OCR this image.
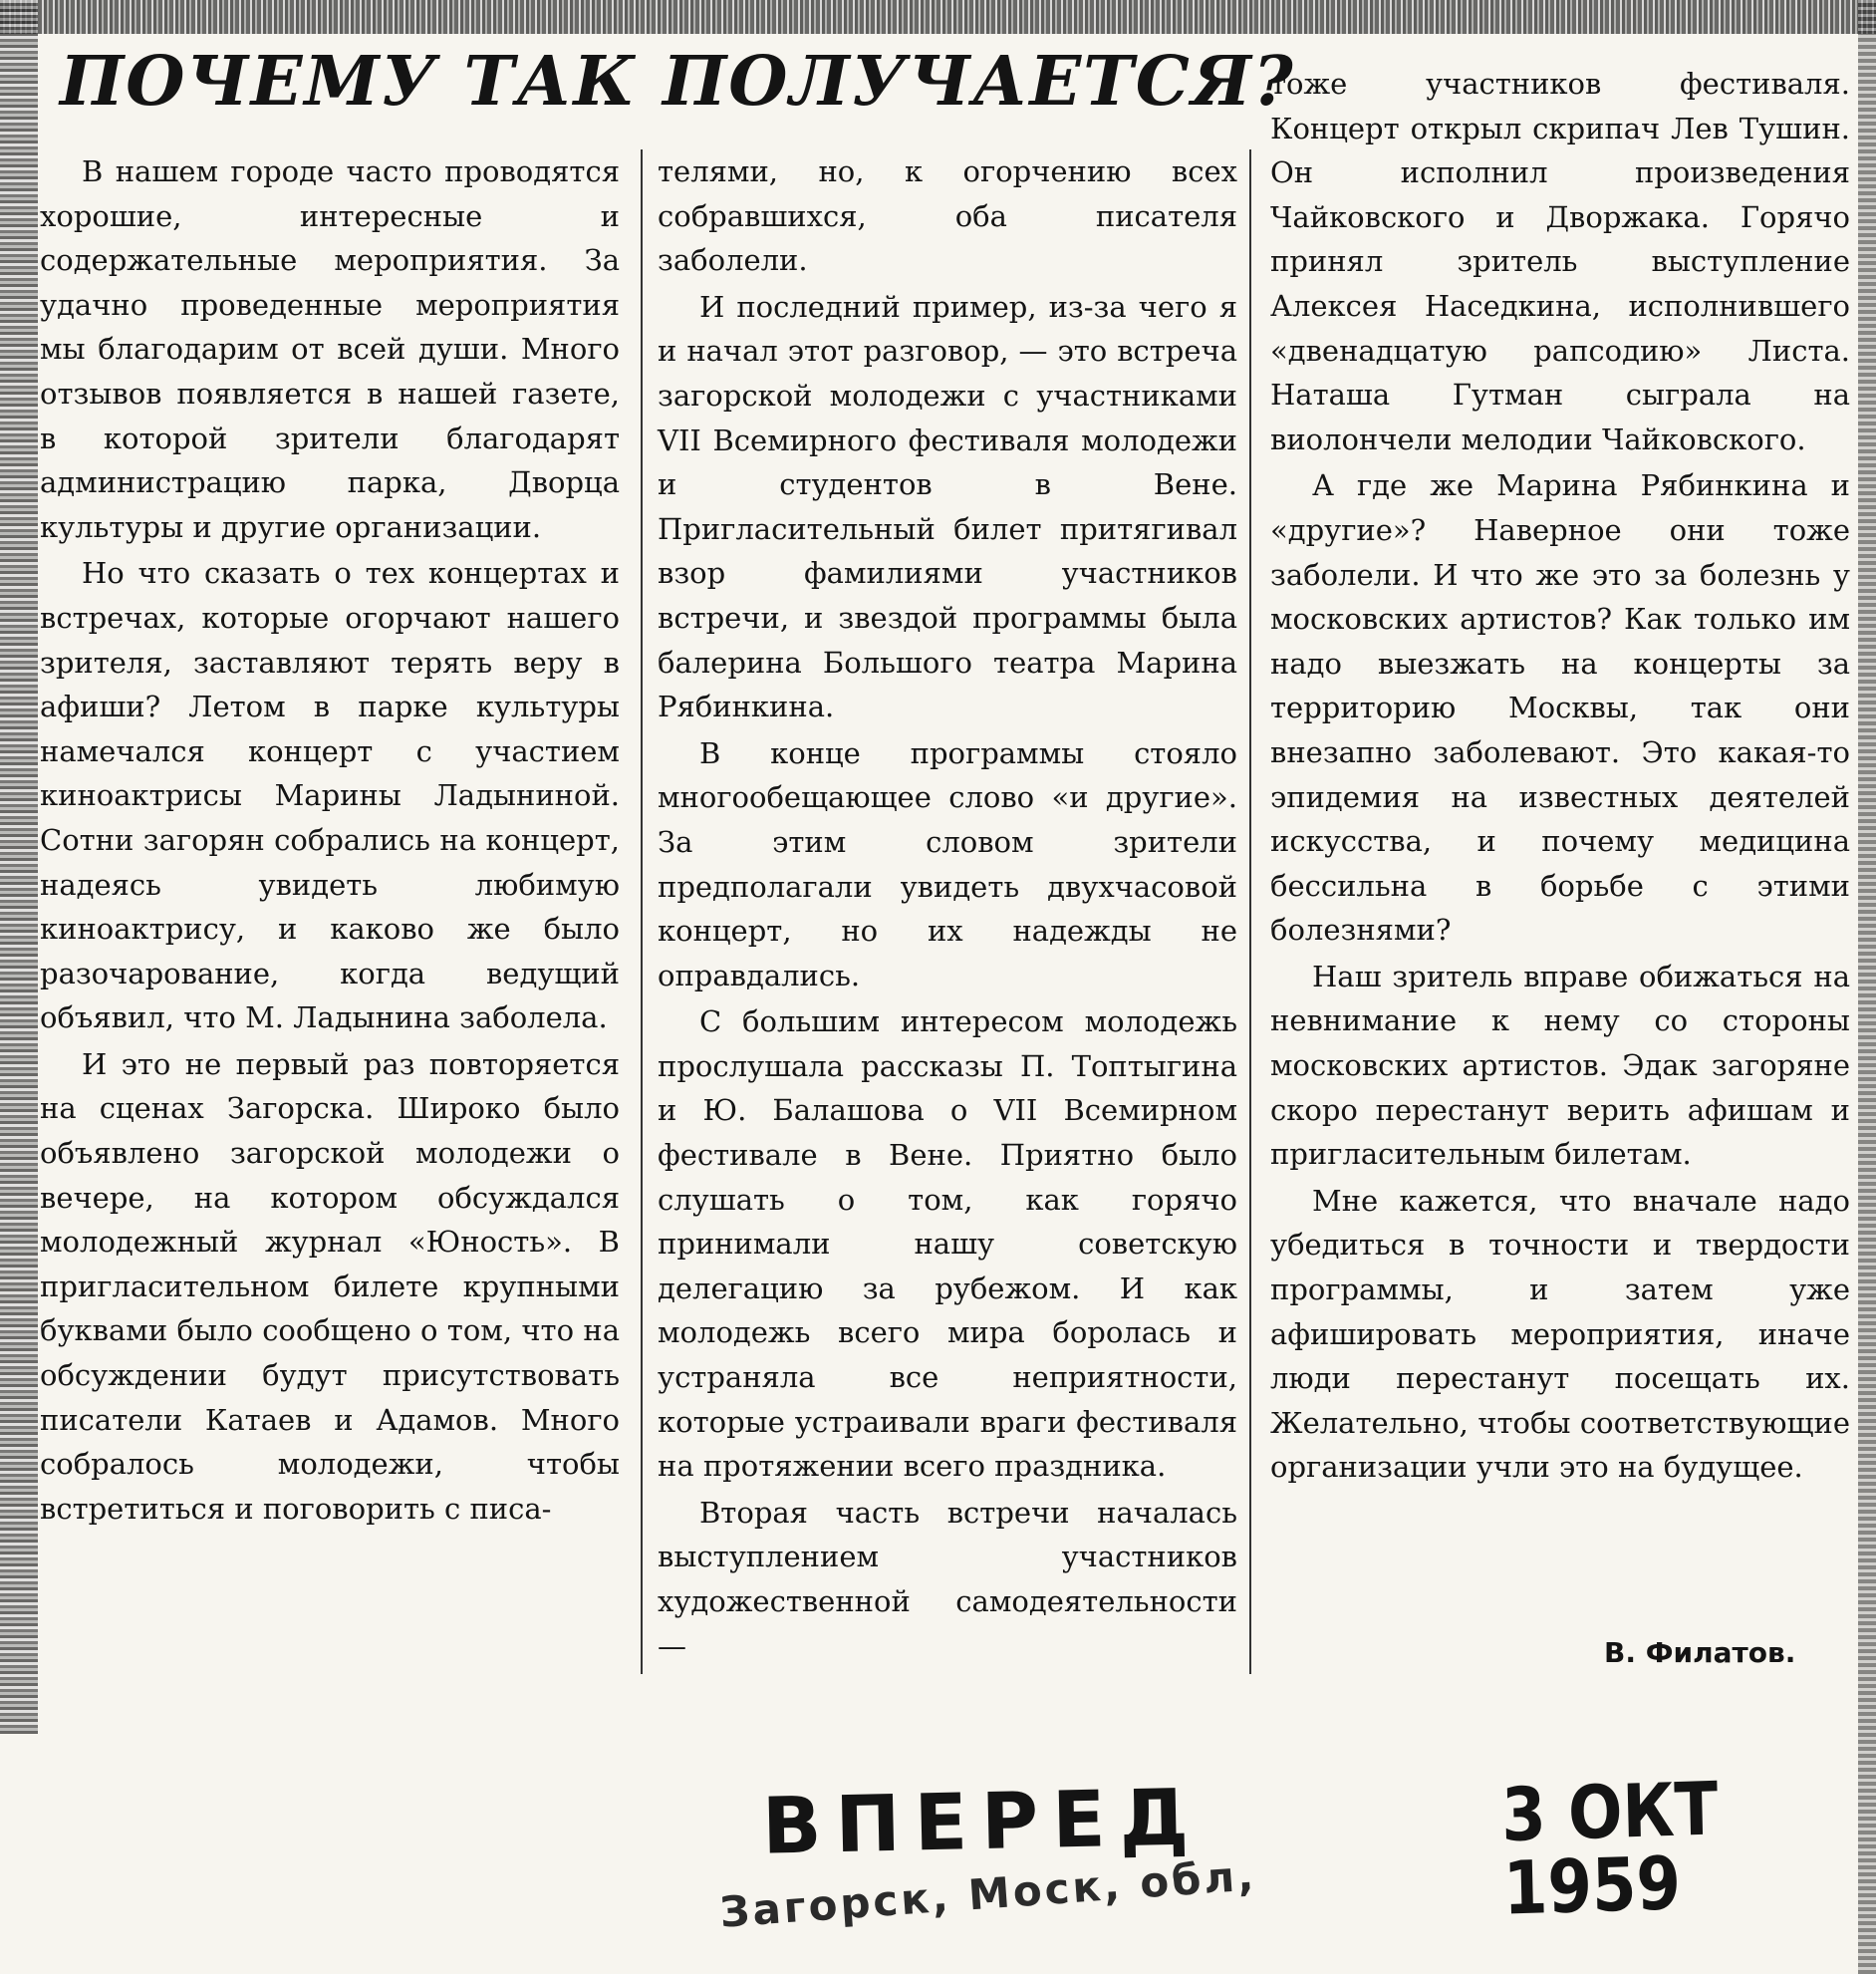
ПОЧЕМУ ТАК ПОЛУЧАЕТСЯ?

В нашем городе часто проводятся хорошие, интересные и содержательные мероприятия. За удачно проведенные мероприятия мы благодарим от всей души. Много отзывов появляется в нашей газете, в которой зрители благодарят администрацию парка, Дворца культуры и другие организации.

Но что сказать о тех концертах и встречах, которые огорчают нашего зрителя, заставляют терять веру в афиши? Летом в парке культуры намечался концерт с участием киноактрисы Марины Ладыниной. Сотни загорян собрались на концерт, надеясь увидеть любимую киноактрису, и каково же было разочарование, когда ведущий объявил, что М. Ладынина заболела.

И это не первый раз повторяется на сценах Загорска. Широко было объявлено загорской молодежи о вечере, на котором обсуждался молодежный журнал «Юность». В пригласительном билете крупными буквами было сообщено о том, что на обсуждении будут присутствовать писатели Катаев и Адамов. Много собралось молодежи, чтобы встретиться и поговорить с писа-

телями, но, к огорчению всех собравшихся, оба писателя заболели.

И последний пример, из-за чего я и начал этот разговор, — это встреча загорской молодежи с участниками VII Всемирного фестиваля молодежи и студентов в Вене. Пригласительный билет притягивал взор фамилиями участников встречи, и звездой программы была балерина Большого театра Марина Рябинкина.

В конце программы стояло многообещающее слово «и другие». За этим словом зрители предполагали увидеть двухчасовой концерт, но их надежды не оправдались.

С большим интересом молодежь прослушала рассказы П. Топтыгина и Ю. Балашова о VII Всемирном фестивале в Вене. Приятно было слушать о том, как горячо принимали нашу советскую делегацию за рубежом. И как молодежь всего мира боролась и устраняла все неприятности, которые устраивали враги фестиваля на протяжении всего праздника.

Вторая часть встречи началась выступлением участников художественной самодеятельности —

тоже участников фестиваля. Концерт открыл скрипач Лев Тушин. Он исполнил произведения Чайковского и Дворжака. Горячо принял зритель выступление Алексея Наседкина, исполнившего «двенадцатую рапсодию» Листа. Наташа Гутман сыграла на виолончели мелодии Чайковского.

А где же Марина Рябинкина и «другие»? Наверное они тоже заболели. И что же это за болезнь у московских артистов? Как только им надо выезжать на концерты за территорию Москвы, так они внезапно заболевают. Это какая-то эпидемия на известных деятелей искусства, и почему медицина бессильна в борьбе с этими болезнями?

Наш зритель вправе обижаться на невнимание к нему со стороны московских артистов. Эдак загоряне скоро перестанут верить афишам и пригласительным билетам.

Мне кажется, что вначале надо убедиться в точности и твердости программы, и затем уже афишировать мероприятия, иначе люди перестанут посещать их. Желательно, чтобы соответствующие организации учли это на будущее.

В. Филатов.

ВПЕРЕД

Загорск, Моск, обл,

3 ОКТ 1959
